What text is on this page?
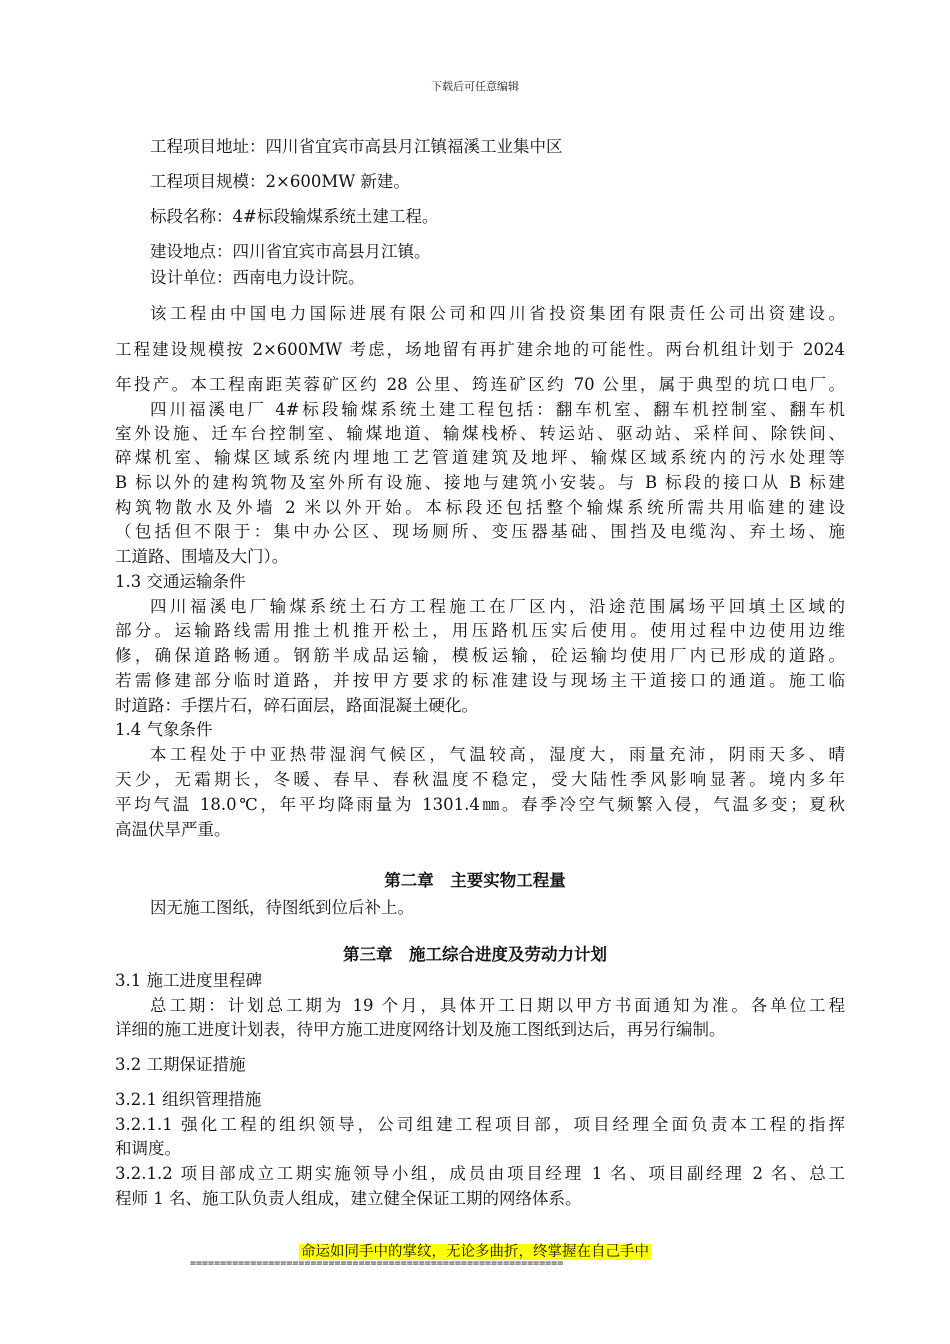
下载后可任意编辑
工程项目地址：四川省宜宾市高县月江镇福溪工业集中区
工程项目规模：2×600MW 新建。
标段名称：4#标段输煤系统土建工程。
建设地点：四川省宜宾市高县月江镇。
设计单位：西南电力设计院。
该工程由中国电力国际进展有限公司和四川省投资集团有限责任公司出资建设。
工程建设规模按 2×600MW 考虑，场地留有再扩建余地的可能性。两台机组计划于 2024
年投产。本工程南距芙蓉矿区约 28 公里、筠连矿区约 70 公里，属于典型的坑口电厂。
四川福溪电厂 4#标段输煤系统土建工程包括：翻车机室、翻车机控制室、翻车机
室外设施、迁车台控制室、输煤地道、输煤栈桥、转运站、驱动站、采样间、除铁间、
碎煤机室、输煤区域系统内埋地工艺管道建筑及地坪、输煤区域系统内的污水处理等
B 标以外的建构筑物及室外所有设施、接地与建筑小安装。与 B 标段的接口从 B 标建
构筑物散水及外墙 2 米以外开始。本标段还包括整个输煤系统所需共用临建的建设
（包括但不限于：集中办公区、现场厕所、变压器基础、围挡及电缆沟、弃土场、施
工道路、围墙及大门）。
1.3 交通运输条件
四川福溪电厂输煤系统土石方工程施工在厂区内，沿途范围属场平回填土区域的
部分。运输路线需用推土机推开松土，用压路机压实后使用。使用过程中边使用边维
修，确保道路畅通。钢筋半成品运输，模板运输，砼运输均使用厂内已形成的道路。
若需修建部分临时道路，并按甲方要求的标准建设与现场主干道接口的通道。施工临
时道路：手摆片石，碎石面层，路面混凝土硬化。
1.4 气象条件
本工程处于中亚热带湿润气候区，气温较高，湿度大，雨量充沛，阴雨天多、晴
天少，无霜期长，冬暖、春早、春秋温度不稳定，受大陆性季风影响显著。境内多年
平均气温 18.0℃，年平均降雨量为 1301.4㎜。春季冷空气频繁入侵，气温多变；夏秋
高温伏旱严重。
第二章　主要实物工程量
因无施工图纸，待图纸到位后补上。
第三章　施工综合进度及劳动力计划
3.1 施工进度里程碑
总工期：计划总工期为 19 个月，具体开工日期以甲方书面通知为准。各单位工程
详细的施工进度计划表，待甲方施工进度网络计划及施工图纸到达后，再另行编制。
3.2 工期保证措施
3.2.1 组织管理措施
3.2.1.1 强化工程的组织领导，公司组建工程项目部，项目经理全面负责本工程的指挥
和调度。
3.2.1.2 项目部成立工期实施领导小组，成员由项目经理 1 名、项目副经理 2 名、总工
程师 1 名、施工队负责人组成，建立健全保证工期的网络体系。
命运如同手中的掌纹，无论多曲折，终掌握在自己手中
==============================================================
